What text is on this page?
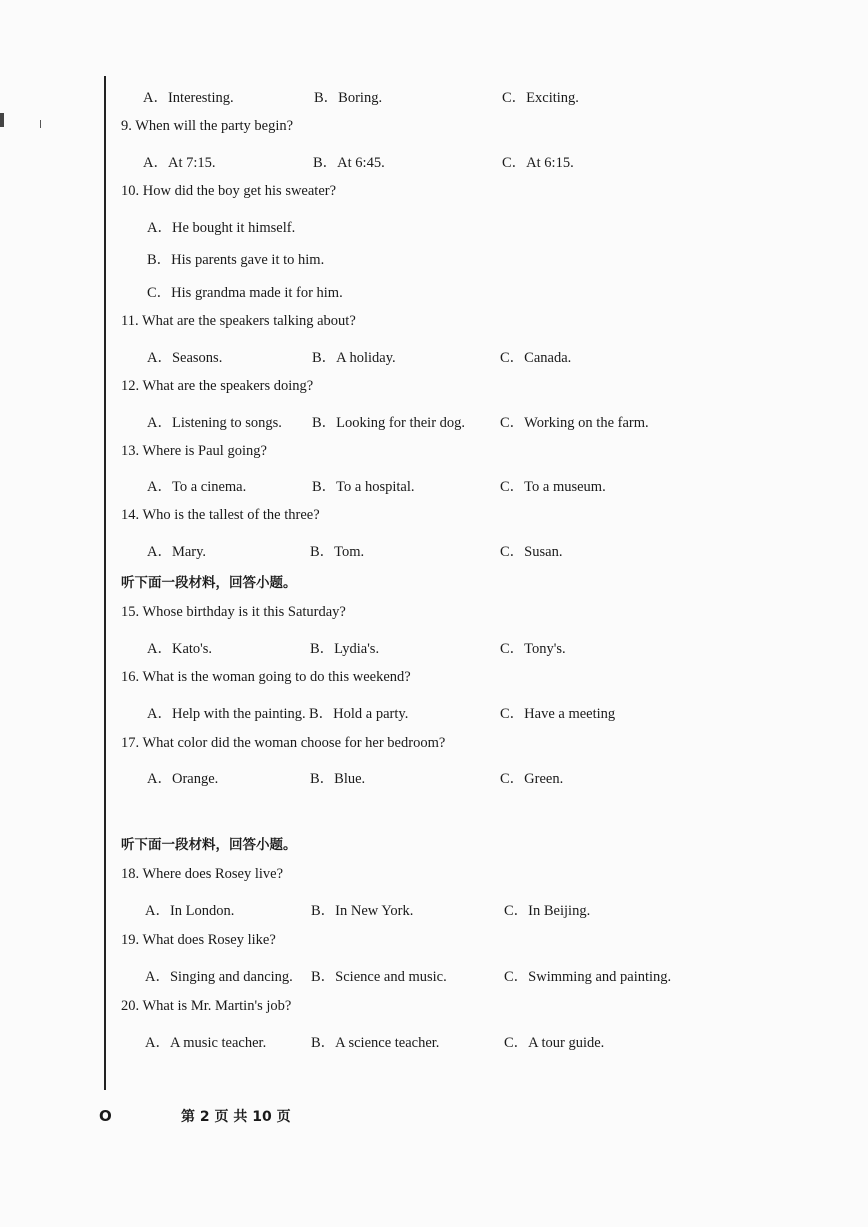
A．Interesting.	B．Boring.	C．Exciting.
9. When will the party begin?
A．At 7:15.	B．At 6:45.	C．At 6:15.
10. How did the boy get his sweater?
A．He bought it himself.
B．His parents gave it to him.
C．His grandma made it for him.
11. What are the speakers talking about?
A．Seasons.	B．A holiday.	C．Canada.
12. What are the speakers doing?
A．Listening to songs. B．Looking for their dog. C．Working on the farm.
13. Where is Paul going?
A．To a cinema.	B．To a hospital.	C．To a museum.
14. Who is the tallest of the three?
A．Mary.	B．Tom.	C．Susan.
听下面一段材料，回答小题。
15. Whose birthday is it this Saturday?
A．Kato's.	B．Lydia's.	C．Tony's.
16. What is the woman going to do this weekend?
A．Help with the painting. B．Hold a party.	C．Have a meeting
17. What color did the woman choose for her bedroom?
A．Orange.	B．Blue.	C．Green.
听下面一段材料，回答小题。
18. Where does Rosey live?
A．In London.	B．In New York.	C．In Beijing.
19. What does Rosey like?
A．Singing and dancing. B．Science and music.	C．Swimming and painting.
20. What is Mr. Martin's job?
A．A music teacher.	B．A science teacher.	C．A tour guide.
O	第 2 页 共 10 页
